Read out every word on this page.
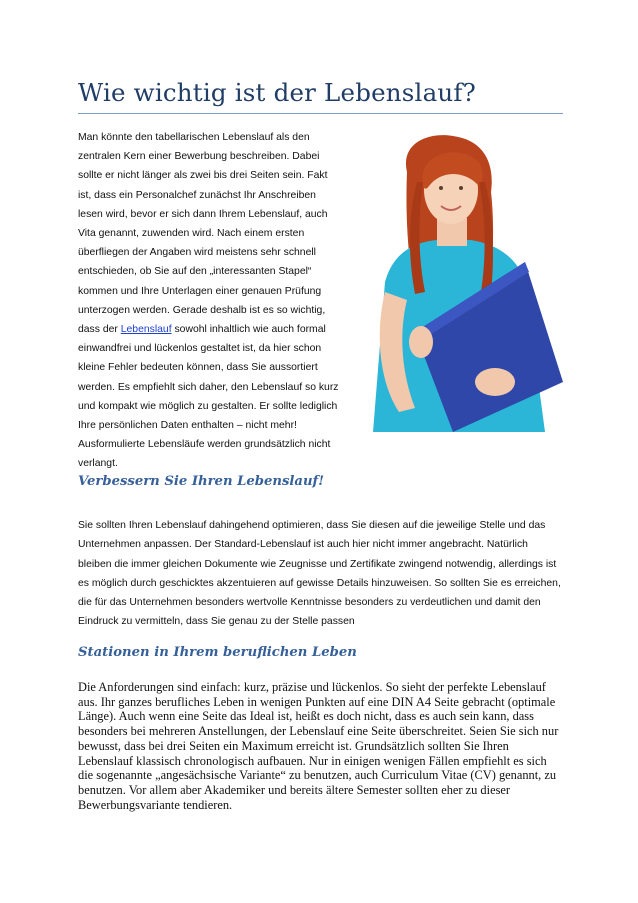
Wie wichtig ist der Lebenslauf?

Man könnte den tabellarischen Lebenslauf als den zentralen Kern einer Bewerbung beschreiben. Dabei sollte er nicht länger als zwei bis drei Seiten sein. Fakt ist, dass ein Personalchef zunächst Ihr Anschreiben lesen wird, bevor er sich dann Ihrem Lebenslauf, auch Vita genannt, zuwenden wird. Nach einem ersten überfliegen der Angaben wird meistens sehr schnell entschieden, ob Sie auf den „interessanten Stapel“ kommen und Ihre Unterlagen einer genauen Prüfung unterzogen werden. Gerade deshalb ist es so wichtig, dass der Lebenslauf sowohl inhaltlich wie auch formal einwandfrei und lückenlos gestaltet ist, da hier schon kleine Fehler bedeuten können, dass Sie aussortiert werden. Es empfiehlt sich daher, den Lebenslauf so kurz und kompakt wie möglich zu gestalten. Er sollte lediglich Ihre persönlichen Daten enthalten – nicht mehr! Ausformulierte Lebensläufe werden grundsätzlich nicht verlangt.

Verbessern Sie Ihren Lebenslauf!

Sie sollten Ihren Lebenslauf dahingehend optimieren, dass Sie diesen auf die jeweilige Stelle und das Unternehmen anpassen. Der Standard-Lebenslauf ist auch hier nicht immer angebracht. Natürlich bleiben die immer gleichen Dokumente wie Zeugnisse und Zertifikate zwingend notwendig, allerdings ist es möglich durch geschicktes akzentuieren auf gewisse Details hinzuweisen. So sollten Sie es erreichen, die für das Unternehmen besonders wertvolle Kenntnisse besonders zu verdeutlichen und damit den Eindruck zu vermitteln, dass Sie genau zu der Stelle passen

Stationen in Ihrem beruflichen Leben

Die Anforderungen sind einfach: kurz, präzise und lückenlos. So sieht der perfekte Lebenslauf aus. Ihr ganzes berufliches Leben in wenigen Punkten auf eine DIN A4 Seite gebracht (optimale Länge). Auch wenn eine Seite das Ideal ist, heißt es doch nicht, dass es auch sein kann, dass besonders bei mehreren Anstellungen, der Lebenslauf eine Seite überschreitet. Seien Sie sich nur bewusst, dass bei drei Seiten ein Maximum erreicht ist. Grundsätzlich sollten Sie Ihren Lebenslauf klassisch chronologisch aufbauen. Nur in einigen wenigen Fällen empfiehlt es sich die sogenannte „angesächsische Variante“ zu benutzen, auch Curriculum Vitae (CV) genannt, zu benutzen. Vor allem aber Akademiker und bereits ältere Semester sollten eher zu dieser Bewerbungsvariante tendieren.
